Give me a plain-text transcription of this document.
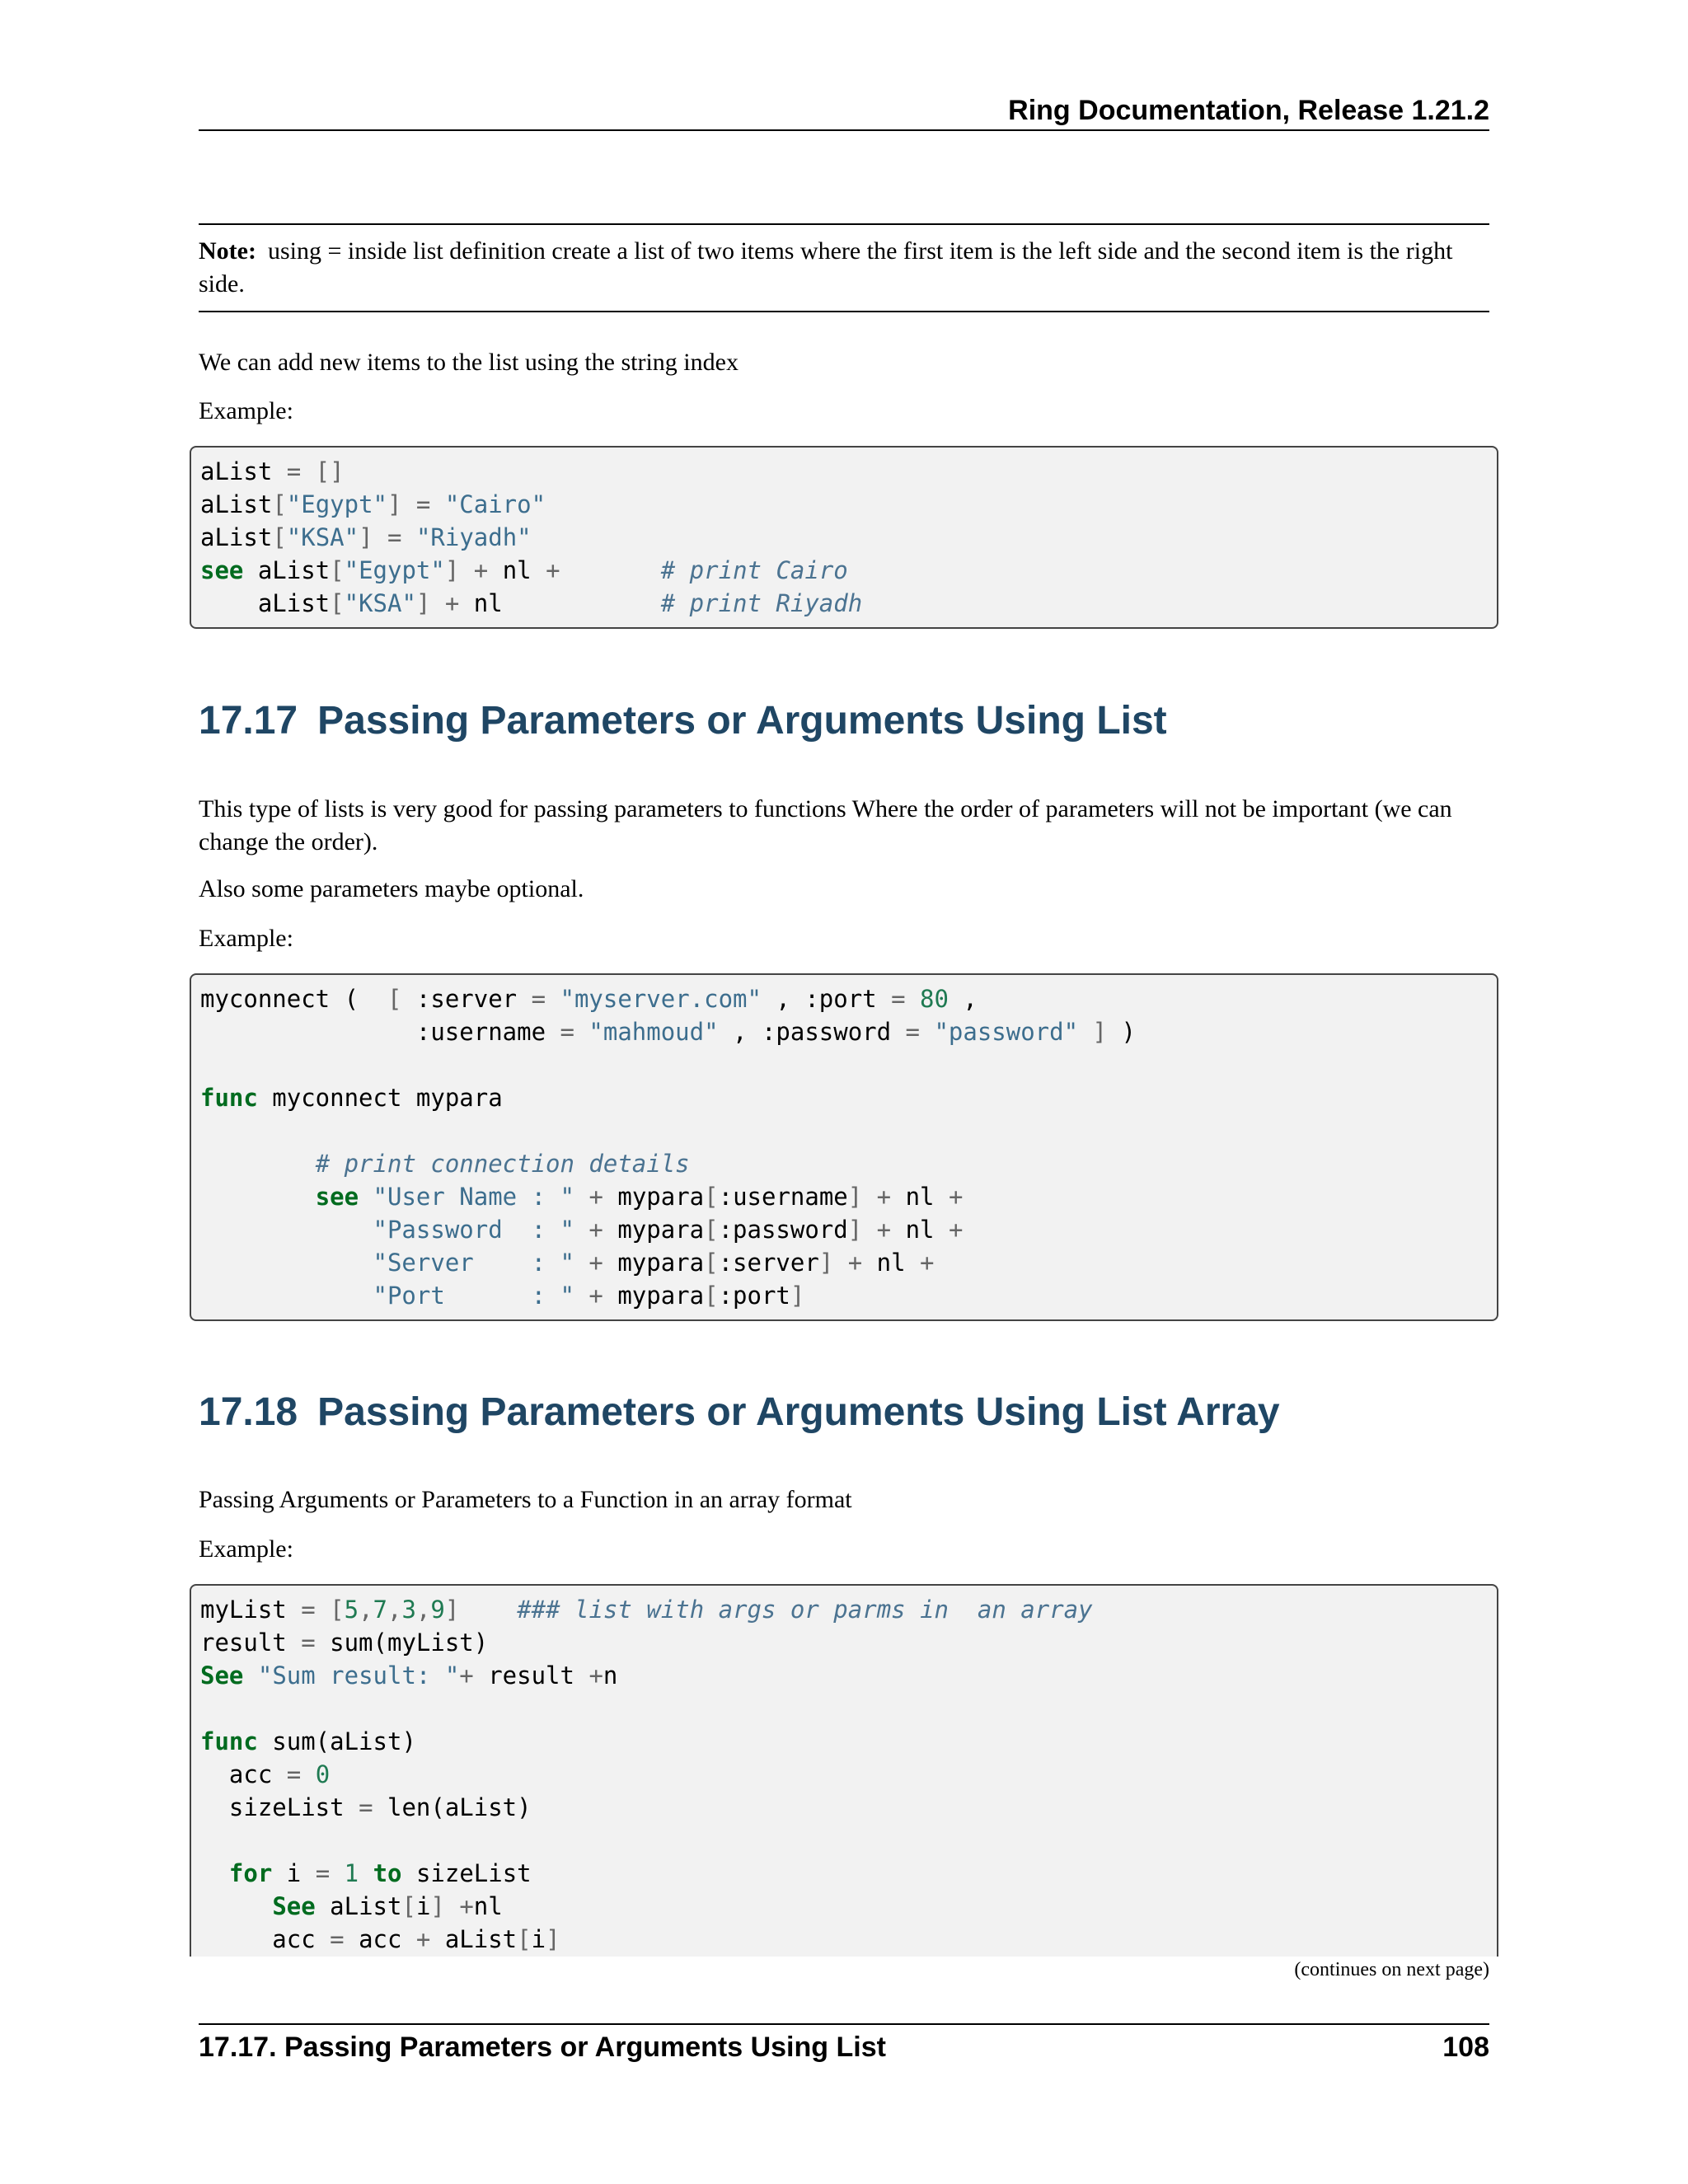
Ring Documentation, Release 1.21.2

Note: using = inside list definition create a list of two items where the first item is the left side and the second item is the right side.

We can add new items to the list using the string index

Example:

aList = []
aList["Egypt"] = "Cairo"
aList["KSA"] = "Riyadh"
see aList["Egypt"] + nl +       # print Cairo
aList["KSA"] + nl           # print Riyadh
17.17 Passing Parameters or Arguments Using List

This type of lists is very good for passing parameters to functions Where the order of parameters will not be important (we can change the order).

Also some parameters maybe optional.

Example:

myconnect (  [ :server = "myserver.com" , :port = 80 ,
:username = "mahmoud" , :password = "password" ] )
func myconnect mypara
# print connection details
see "User Name : " + mypara[:username] + nl +
"Password  : " + mypara[:password] + nl +
"Server    : " + mypara[:server] + nl +
"Port      : " + mypara[:port]
17.18 Passing Parameters or Arguments Using List Array

Passing Arguments or Parameters to a Function in an array format

Example:

myList = [5,7,3,9]    ### list with args or parms in  an array
result = sum(myList)
See "Sum result: "+ result +n
func sum(aList)
acc = 0
sizeList = len(aList)
for i = 1 to sizeList
See aList[i] +nl
acc = acc + aList[i]
(continues on next page)
17.17. Passing Parameters or Arguments Using List	108
